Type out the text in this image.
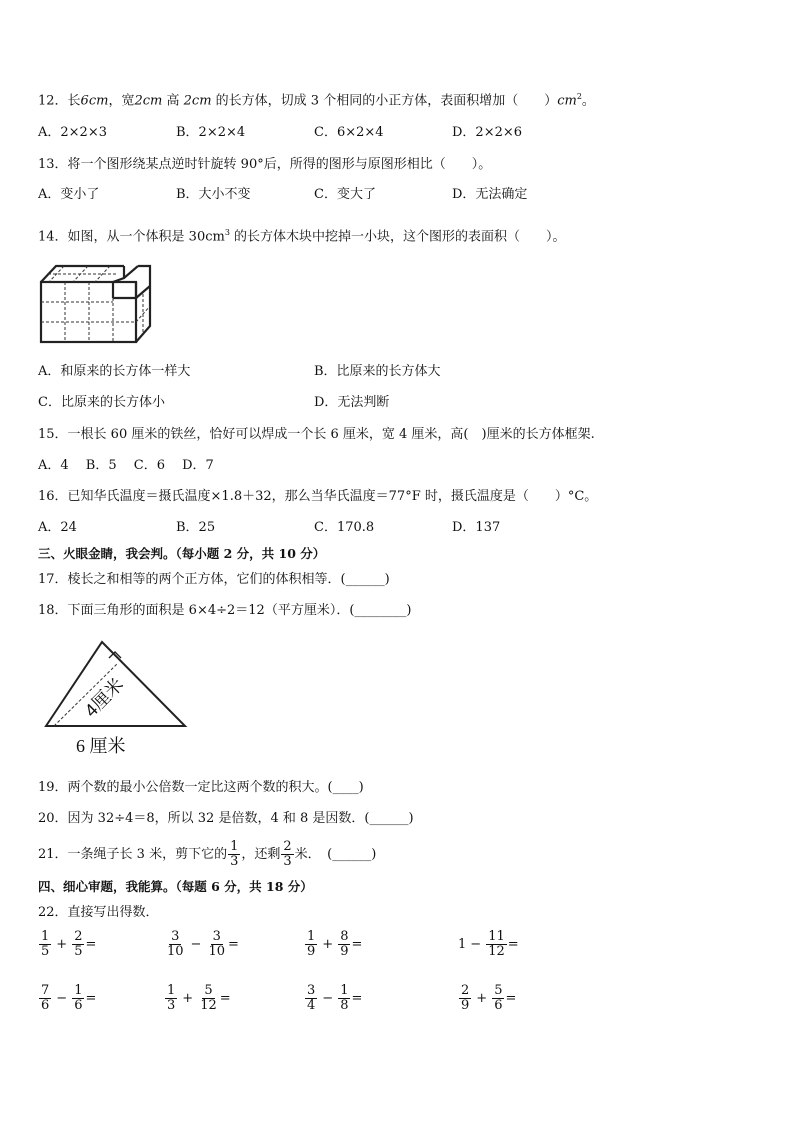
12．长6cm，宽2cm 高 2cm 的长方体，切成 3 个相同的小正方体，表面积增加（　　）$cm^2$。
A．2×2×3	B．2×2×4	C．6×2×4	D．2×2×6
13．将一个图形绕某点逆时针旋转 90°后，所得的图形与原图形相比（　　）。
A．变小了	B．大小不变	C．变大了	D．无法确定
14．如图，从一个体积是 $30cm^3$ 的长方体木块中挖掉一小块，这个图形的表面积（　　）。
A．和原来的长方体一样大	B．比原来的长方体大
C．比原来的长方体小	D．无法判断
15．一根长 60 厘米的铁丝，恰好可以焊成一个长 6 厘米，宽 4 厘米，高(　)厘米的长方体框架.
A．4　 B．5　 C．6　 D．7
16．已知华氏温度＝摄氏温度×1.8＋32，那么当华氏温度＝77°F 时，摄氏温度是（　　）°C。
A．24	B．25	C．170.8	D．137
三、火眼金睛，我会判。（每小题 2 分，共 10 分）
17．棱长之和相等的两个正方体，它们的体积相等．(______)
18．下面三角形的面积是 6×4÷2＝12（平方厘米）．(________)
4厘米
6 厘米
19．两个数的最小公倍数一定比这两个数的积大。(____)
20．因为 32÷4＝8，所以 32 是倍数，4 和 8 是因数．(______)
21．一条绳子长 3 米，剪下它的 $\frac{1}{3}$ ，还剩 $\frac{2}{3}$ 米．　(______)
四、细心审题，我能算。（每题 6 分，共 18 分）
22．直接写出得数．
$\frac{1}{5} + \frac{2}{5}$ =	$\frac{3}{10} - \frac{3}{10}$ =	$\frac{1}{9} + \frac{8}{9}$ =	$1 - \frac{11}{12}$ =
$\frac{7}{6} - \frac{1}{6}$ =	$\frac{1}{3} + \frac{5}{12}$ =	$\frac{3}{4} - \frac{1}{8}$ =	$\frac{2}{9} + \frac{5}{6}$ =
